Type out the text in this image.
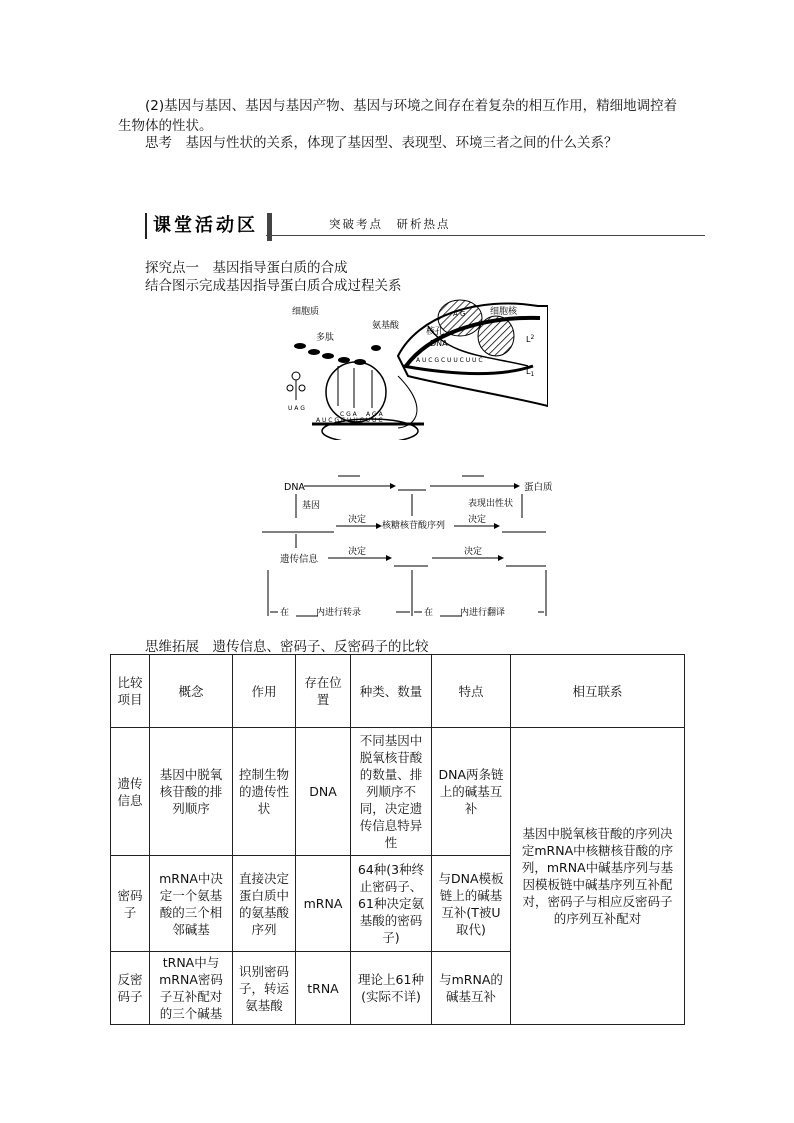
(2)基因与基因、基因与基因产物、基因与环境之间存在着复杂的相互作用，精细地调控着生物体的性状。
思考　基因与性状的关系，体现了基因型、表现型、环境三者之间的什么关系？
课堂活动区	突破考点　研析热点
探究点一　基因指导蛋白质的合成
结合图示完成基因指导蛋白质合成过程关系
A U C G C U U C U U C
A G
细胞质
多肽
氨基酸
核孔
细胞核
DNA	$L^2$
$L_1$
U A G
C G A A G A
A U C G C U U C U U C
DNA	蛋白质
基因	表现出性状
决定
核糖核苷酸序列
决定
遗传信息
决定	决定
在　　　	内进行转录	在　　　	内进行翻译
思维拓展　遗传信息、密码子、反密码子的比较
比较项目	概念	作用	存在位置	种类、数量	特点	相互联系
遗传信息	基因中脱氧核苷酸的排列顺序	控制生物的遗传性状	DNA	不同基因中脱氧核苷酸的数量、排列顺序不同，决定遗传信息特异性	DNA两条链上的碱基互补	基因中脱氧核苷酸的序列决定mRNA中核糖核苷酸的序列，mRNA中碱基序列与基因模板链中碱基序列互补配对，密码子与相应反密码子的序列互补配对
密码子	mRNA中决定一个氨基酸的三个相邻碱基	直接决定蛋白质中的氨基酸序列	mRNA	64种(3种终止密码子、61种决定氨基酸的密码子)	与DNA模板链上的碱基互补(T被U取代)	
反密码子	tRNA中与mRNA密码子互补配对的三个碱基	识别密码子，转运氨基酸	tRNA	理论上61种(实际不详)	与mRNA的碱基互补	
